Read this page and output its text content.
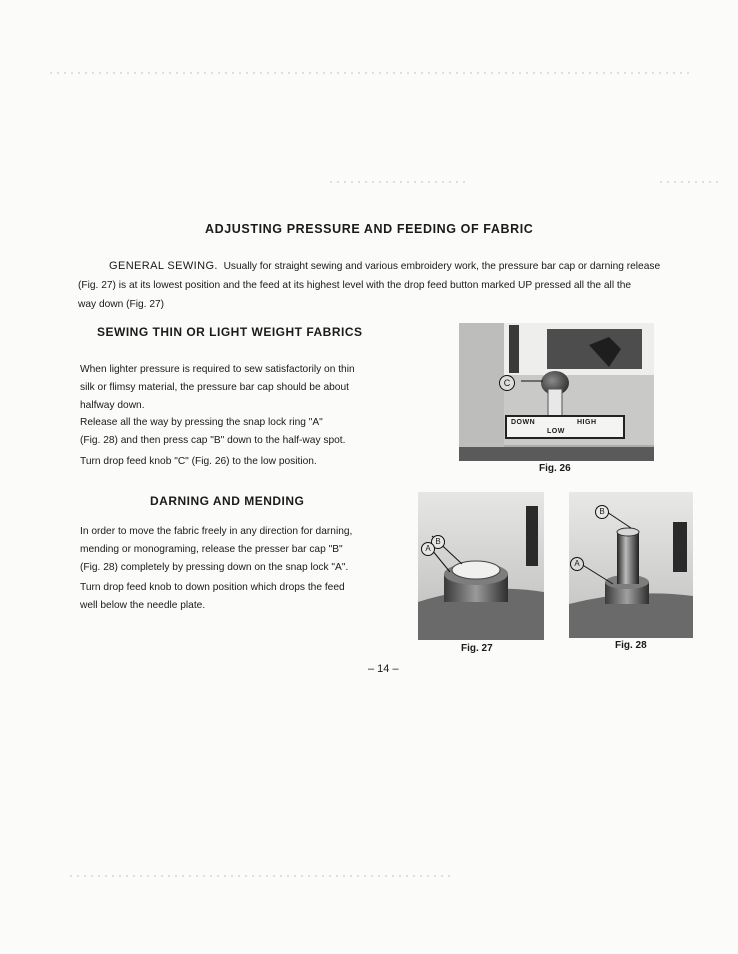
ADJUSTING PRESSURE AND FEEDING OF FABRIC
GENERAL SEWING. Usually for straight sewing and various embroidery work, the pressure bar cap or darning release
(Fig. 27) is at its lowest position and the feed at its highest level with the drop feed button marked UP pressed all the all the
way down (Fig. 27)
SEWING THIN OR LIGHT WEIGHT FABRICS
When lighter pressure is required to sew satisfactorily on thin
silk or flimsy material, the pressure bar cap should be about
halfway down.
Release all the way by pressing the snap lock ring "A"
(Fig. 28) and then press cap "B" down to the half-way spot.
Turn drop feed knob "C" (Fig. 26) to the low position.
DARNING AND MENDING
In order to move the fabric freely in any direction for darning,
mending or monograming, release the presser bar cap "B"
(Fig. 28) completely by pressing down on the snap lock "A".
Turn drop feed knob to down position which drops the feed
well below the needle plate.
C
DOWN	HIGH
LOW
Fig. 26
B
A
Fig. 27
B
A
Fig. 28
– 14 –
